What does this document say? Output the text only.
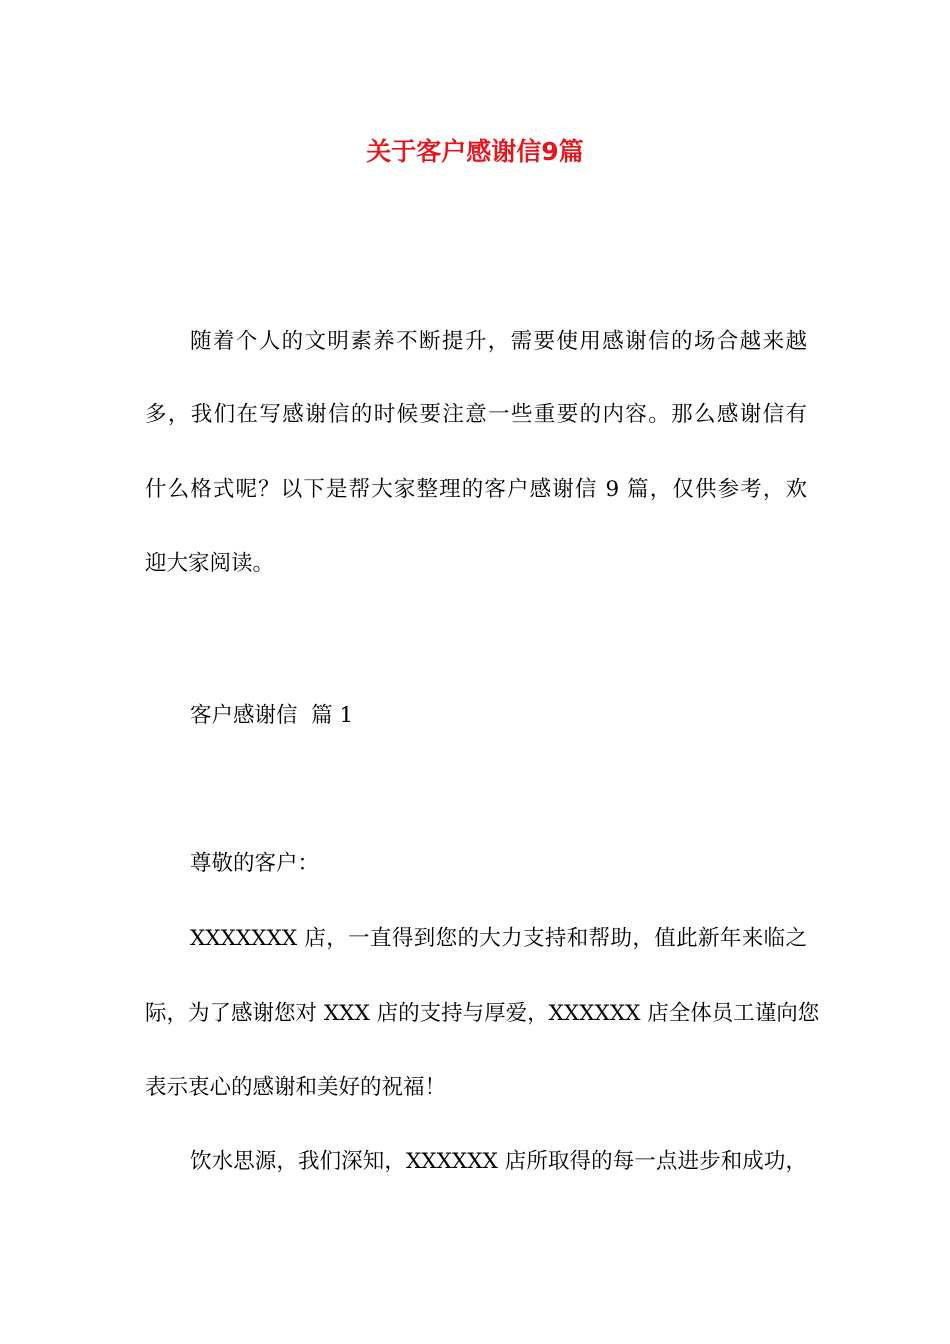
关于客户感谢信9篇
随着个人的文明素养不断提升，需要使用感谢信的场合越来越
多，我们在写感谢信的时候要注意一些重要的内容。那么感谢信有
什么格式呢？以下是帮大家整理的客户感谢信 9 篇，仅供参考，欢
迎大家阅读。
客户感谢信  篇 1
尊敬的客户：
XXXXXXX 店，一直得到您的大力支持和帮助，值此新年来临之
际，为了感谢您对 XXX 店的支持与厚爱，XXXXXX 店全体员工谨向您
表示衷心的感谢和美好的祝福！
饮水思源，我们深知，XXXXXX 店所取得的每一点进步和成功，
